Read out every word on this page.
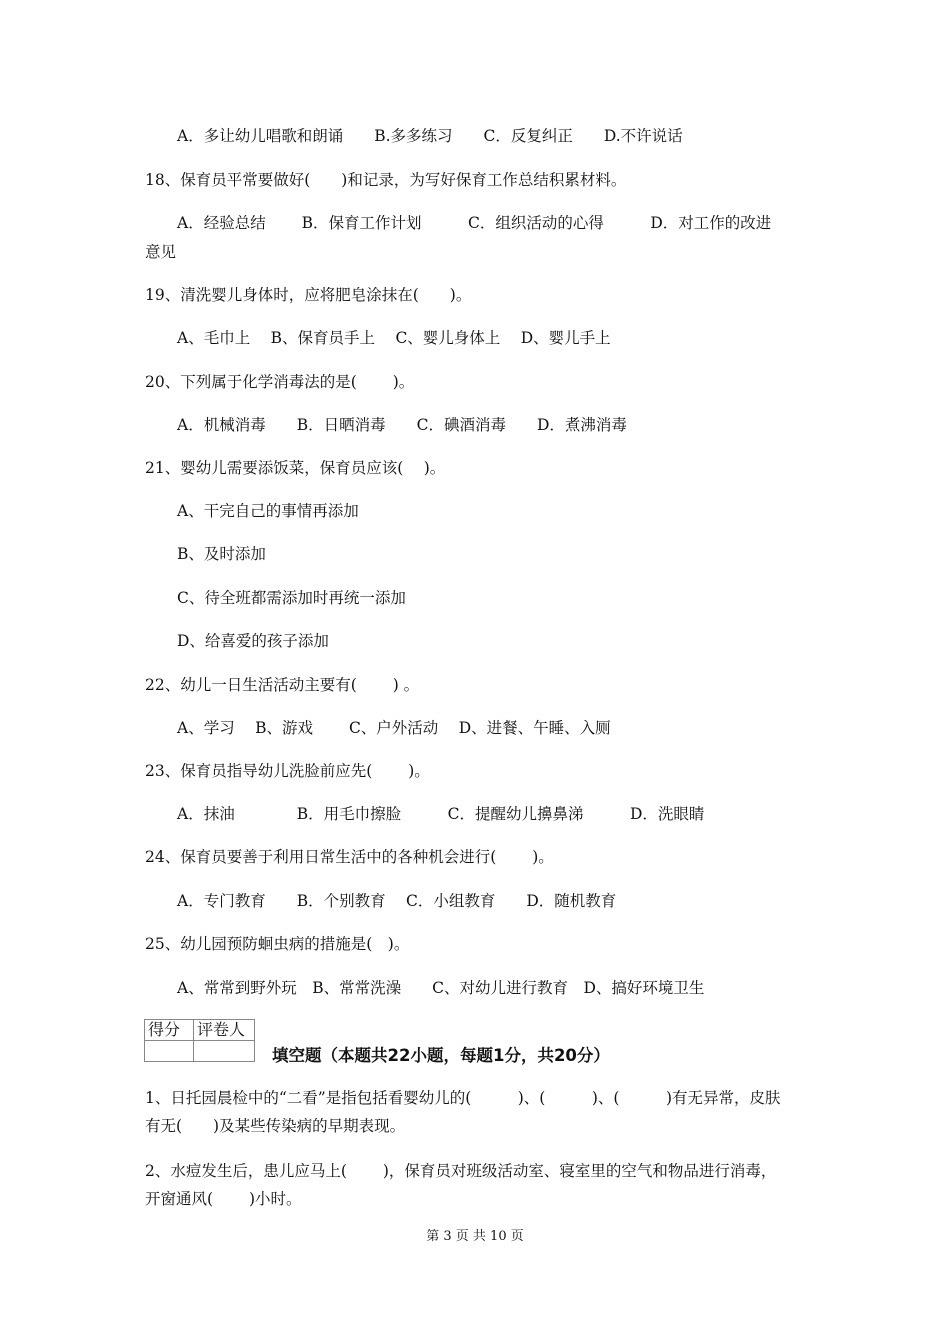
A．多让幼儿唱歌和朗诵　　B.多多练习　　C．反复纠正　　D.不许说话
18、保育员平常要做好(　　)和记录，为写好保育工作总结积累材料。
A．经验总结　　 B．保育工作计划　　　C．组织活动的心得　　　D．对工作的改进
意见
19、清洗婴儿身体时，应将肥皂涂抹在(　　)。
A、毛巾上　 B、保育员手上　 C、婴儿身体上　 D、婴儿手上
20、下列属于化学消毒法的是(　　 )。
A．机械消毒　　B．日晒消毒　　C．碘酒消毒　　D．煮沸消毒
21、婴幼儿需要添饭菜，保育员应该(　 )。
A、干完自己的事情再添加
B、及时添加
C、待全班都需添加时再统一添加
D、给喜爱的孩子添加
22、幼儿一日生活活动主要有(　　 ) 。
A、学习　 B、游戏　　 C、户外活动　 D、进餐、午睡、入厕
23、保育员指导幼儿洗脸前应先(　　 )。
A．抹油　　　　B．用毛巾擦脸　　　C．提醒幼儿擤鼻涕　　　D．洗眼睛
24、保育员要善于利用日常生活中的各种机会进行(　　 )。
A．专门教育　　B．个别教育　 C．小组教育　　D．随机教育
25、幼儿园预防蛔虫病的措施是(　)。
A、常常到野外玩　B、常常洗澡　　C、对幼儿进行教育　D、搞好环境卫生
得分	评卷人

填空题（本题共22小题，每题1分，共20分）
1、日托园晨检中的“二看”是指包括看婴幼儿的(　　　)、(　　　)、(　　　)有无异常，皮肤
有无(　　)及某些传染病的早期表现。
2、水痘发生后，患儿应马上(　　 )，保育员对班级活动室、寝室里的空气和物品进行消毒，
开窗通风(　　 )小时。
第 3 页 共 10 页
